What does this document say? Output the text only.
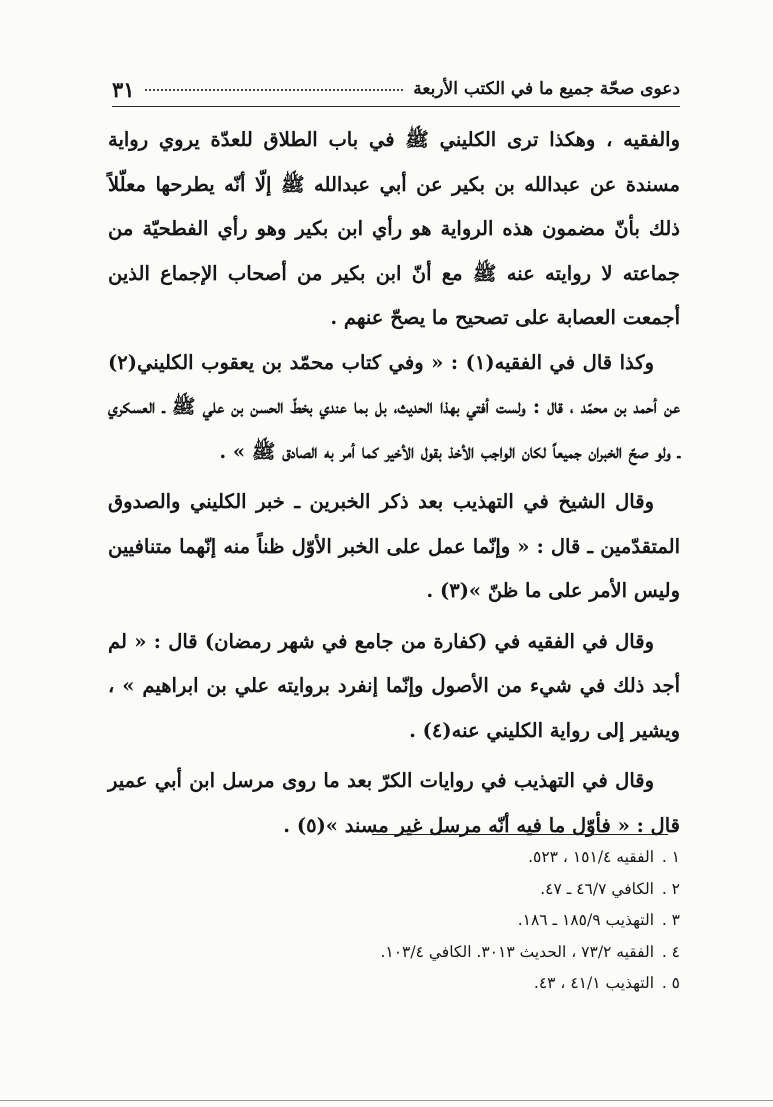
دعوى صحّة جميع ما في الكتب الأربعة
٣١

والفقيه ، وهكذا ترى الكليني ﷺ في باب الطلاق للعدّة يروي رواية مسندة عن عبدالله بن بكير عن أبي عبدالله ﷺ إلّا أنّه يطرحها معلّلاً ذلك بأنّ مضمون هذه الرواية هو رأي ابن بكير وهو رأي الفطحيّة من جماعته لا روايته عنه ﷺ مع أنّ ابن بكير من أصحاب الإجماع الذين أجمعت العصابة على تصحيح ما يصحّ عنهم .

وكذا قال في الفقيه(١) : « وفي كتاب محمّد بن يعقوب الكليني(٢) عن أحمد بن محمّد ، قال : ولست أفتي بهذا الحديث، بل بما عندي بخطّ الحسن بن علي ﷺ ـ العسكري ـ ولو صحّ الخبران جميعاً لكان الواجب الأخذ بقول الأخير كما أمر به الصادق ﷺ » .

وقال الشيخ في التهذيب بعد ذكر الخبرين ـ خبر الكليني والصدوق المتقدّمين ـ قال : « وإنّما عمل على الخبر الأوّل ظناً منه إنّهما متنافيين وليس الأمر على ما ظنّ »(٣) .

وقال في الفقيه في (كفارة من جامع في شهر رمضان) قال : « لم أجد ذلك في شيء من الأصول وإنّما إنفرد بروايته علي بن ابراهيم » ، ويشير إلى رواية الكليني عنه(٤) .

وقال في التهذيب في روايات الكرّ بعد ما روى مرسل ابن أبي عمير قال : « فأوّل ما فيه أنّه مرسل غير مسند »(٥) .

١ .
الفقيه ١٥١/٤ ، ٥٢٣.
٢ .
الكافي ٤٦/٧ ـ ٤٧.
٣ .
التهذيب ١٨٥/٩ ـ ١٨٦.
٤ .
الفقيه ٧٣/٢ ، الحديث ٣٠١٣. الكافي ١٠٣/٤.
٥ .
التهذيب ٤١/١ ، ٤٣.
